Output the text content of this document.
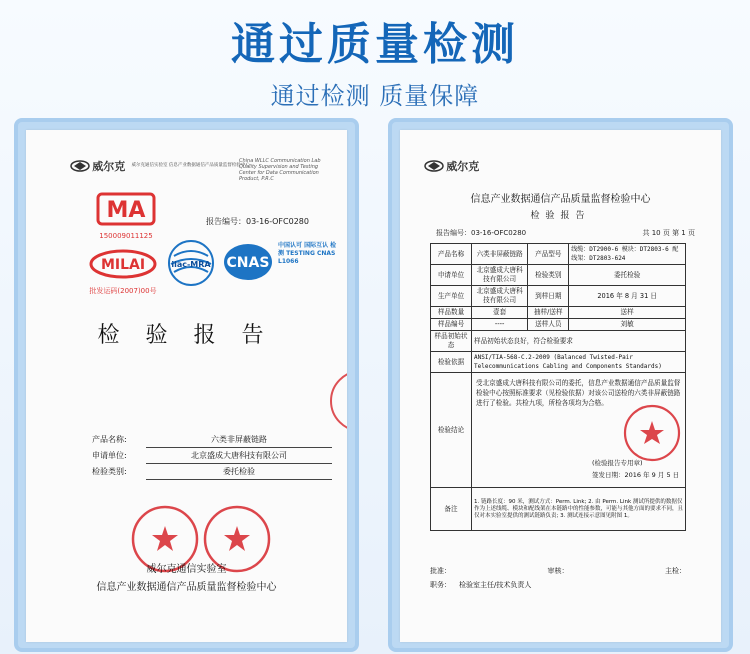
通过质量检测
通过检测 质量保障
威尔克 威尔克通信实验室 信息产业数据通信产品质量监督检验中心
China WLLC Communication Lab Quality Supervision and Testing Center for Data Communication Product, P.R.C
MA
150009011125
MILAI
批发运码(2007)00号
报告编号：03-16-OFC0280
ilac-MRA CNAS
中国认可 国际互认 检测 TESTING CNAS L1066
检验报告
产品名称:	六类非屏蔽链路
申请单位:	北京盛成大唐科技有限公司
检验类别:	委托检验
威尔克通信实验室
信息产业数据通信产品质量监督检验中心
威尔克
信息产业数据通信产品质量监督检验中心
检验报告
报告编号：03-16-OFC0280	共 10 页 第 1 页
产品名称	六类非屏蔽链路	产品型号	线缆：DT2900-6 模块：DT2803-6 配线架：DT2803-624
申请单位	北京盛成大唐科技有限公司	检验类别	委托检验
生产单位	北京盛成大唐科技有限公司	到样日期	2016 年 8 月 31 日
样品数量	壹套	抽样/送样	送样
样品编号	----	送样人员	刘敏
样品初始状态	样品初始状态良好，符合检验要求		
检验依据	ANSI/TIA-568-C.2-2009 (Balanced Twisted-Pair Telecommunications Cabling and Components Standards)		
检验结论	受北京盛成大唐科技有限公司的委托，信息产业数据通信产品质量监督检验中心按照标准要求（见检验依据）对该公司送检的六类非屏蔽链路进行了检验。共检九项，所检各项均为合格。
(检验报告专用章)
签发日期：2016 年 9 月 5 日		

备注	1. 链路长度：90 米，测试方式：Perm. Link; 2. 由 Perm. Link 测试所提供的数据仅作为上述线缆、模块和配线架在本链路中的性能参数，可能与其他方面的要求不同，且仅对本实验室提供的测试链路负责; 3. 测试连接示意图见附图 1。		
批准：	审核：	主检：
职务： 检验室主任/技术负责人
